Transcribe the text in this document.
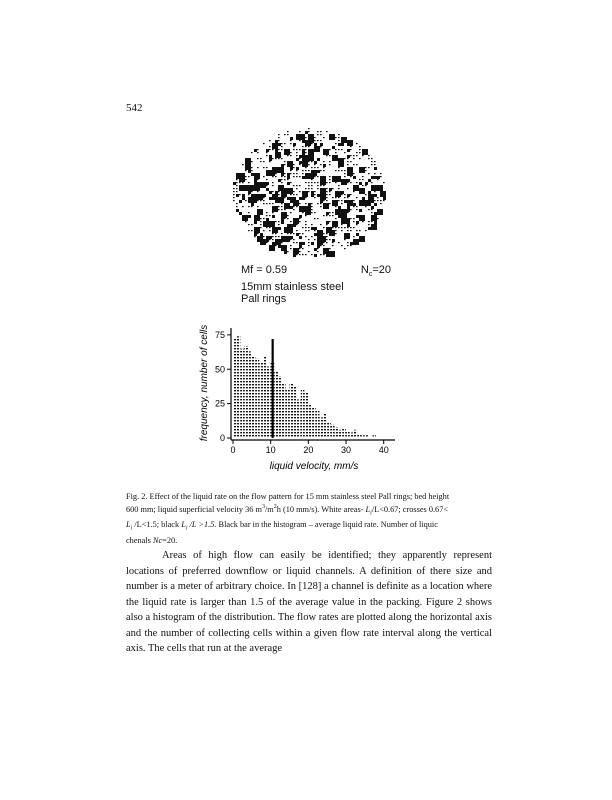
542
Mf = 0.59	$N_c=20$
15mm stainless steel
Pall rings
0
25
50
75
0	10	20	30	40
liquid velocity, mm/s
frequency, number of cells
Fig. 2. Effect of the liquid rate on the flow pattern for 15 mm stainless steel Pall rings; bed height
600 mm; liquid superficial velocity 36 $m^3/m^2h$ (10 mm/s). White areas- $L_i/L<0.67$; crosses 0.67<
$L_i$ /L<1.5; black $L_i$ /L >1.5. Black bar in the histogram – average liquid rate. Number of liquic
chenals Nc=20.

Areas of high flow can easily be identified; they apparently represent locations of preferred downflow or liquid channels. A definition of there size and number is a meter of arbitrary choice. In [128] a channel is definite as a location where the liquid rate is larger than 1.5 of the average value in the packing. Figure 2 shows also a histogram of the distribution. The flow rates are plotted along the horizontal axis and the number of collecting cells within a given flow rate interval along the vertical axis. The cells that run at the average
